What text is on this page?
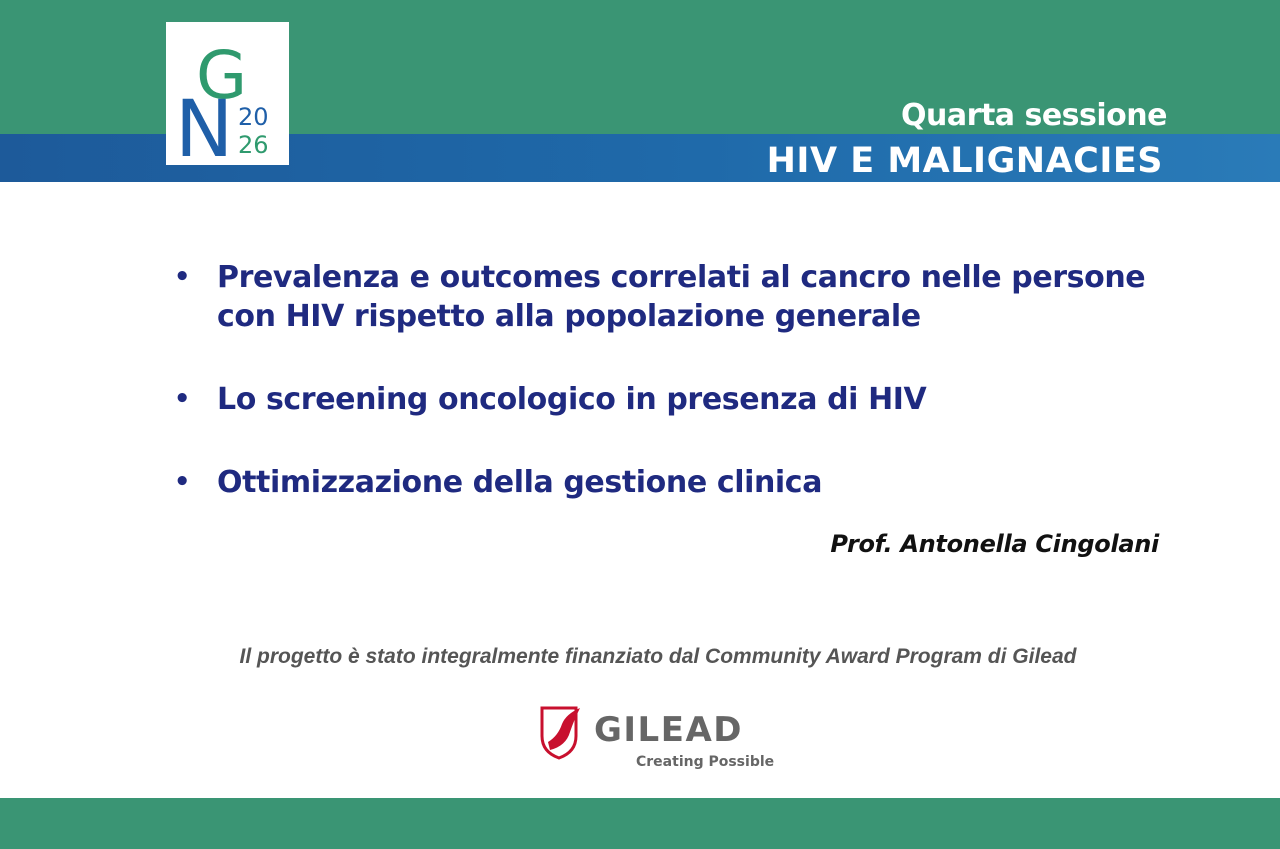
G
N 20
26
Quarta sessione
HIV E MALIGNACIES
• Prevalenza e outcomes correlati al cancro nelle persone con HIV rispetto alla popolazione generale
• Lo screening oncologico in presenza di HIV
• Ottimizzazione della gestione clinica
Prof. Antonella Cingolani
Il progetto è stato integralmente finanziato dal Community Award Program di Gilead
GILEAD
Creating Possible
